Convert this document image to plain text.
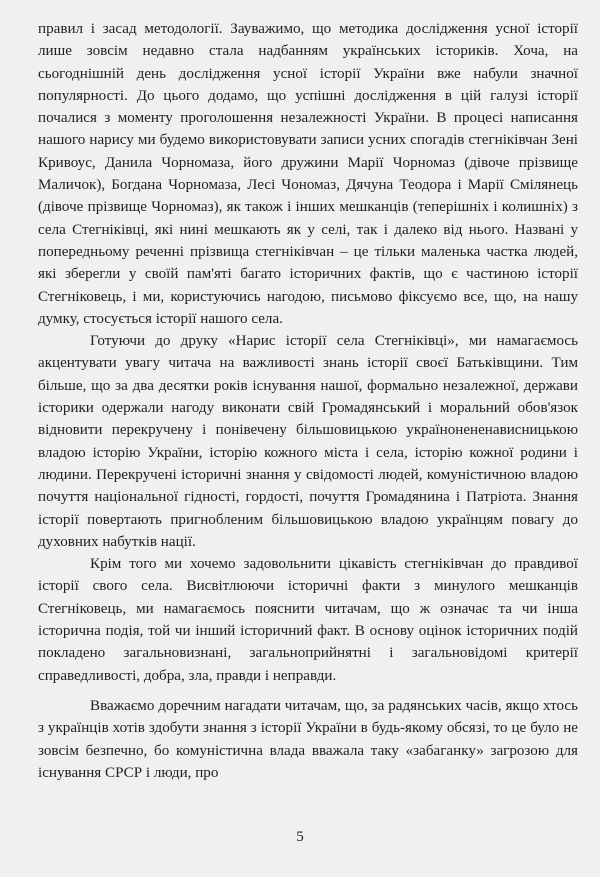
правил і засад методології. Зауважимо, що методика дослідження усної історії лише зовсім недавно стала надбанням українських істориків. Хоча, на сьогоднішній день дослідження усної історії України вже набули значної популярності. До цього додамо, що успішні дослідження в цій галузі історії почалися з моменту проголошення незалежності України. В процесі написання нашого нарису ми будемо використовувати записи усних спогадів стегніківчан Зені Кривоус, Данила Чорномаза, його дружини Марії Чорномаз (дівоче прізвище Маличок), Богдана Чорномаза, Лесі Чономаз, Дячуна Теодора і Марії Смілянець (дівоче прізвище Чорномаз), як також і інших мешканців (теперішніх і колишніх) з села Стегніківці, які нині мешкають як у селі, так і далеко від нього. Названі у попередньому реченні прізвища стегніківчан – це тільки маленька частка людей, які зберегли у своїй пам'яті багато історичних фактів, що є частиною історії Стегніковець, і ми, користуючись нагодою, письмово фіксуємо все, що, на нашу думку, стосується історії нашого села.

Готуючи до друку «Нарис історії села Стегніківці», ми намагаємось акцентувати увагу читача на важливості знань історії своєї Батьківщини. Тим більше, що за два десятки років існування нашої, формально незалежної, держави історики одержали нагоду виконати свій Громадянський і моральний обов'язок відновити перекручену і понівечену більшовицькою українонененависницькою владою історію України, історію кожного міста і села, історію кожної родини і людини. Перекручені історичні знання у свідомості людей, комуністичною владою почуття національної гідності, гордості, почуття Громадянина і Патріота. Знання історії повертають пригнобленим більшовицькою владою українцям повагу до духовних набутків нації.

Крім того ми хочемо задовольнити цікавість стегніківчан до правдивої історії свого села. Висвітлюючи історичні факти з минулого мешканців Стегніковець, ми намагаємось пояснити читачам, що ж означає та чи інша історична подія, той чи інший історичний факт. В основу оцінок історичних подій покладено загальновизнані, загальноприйнятні і загальновідомі критерії справедливості, добра, зла, правди і неправди.

Вважаємо доречним нагадати читачам, що, за радянських часів, якщо хтось з українців хотів здобути знання з історії України в будь-якому обсязі, то це було не зовсім безпечно, бо комуністична влада вважала таку «забаганку» загрозою для існування СРСР і люди, про

5
